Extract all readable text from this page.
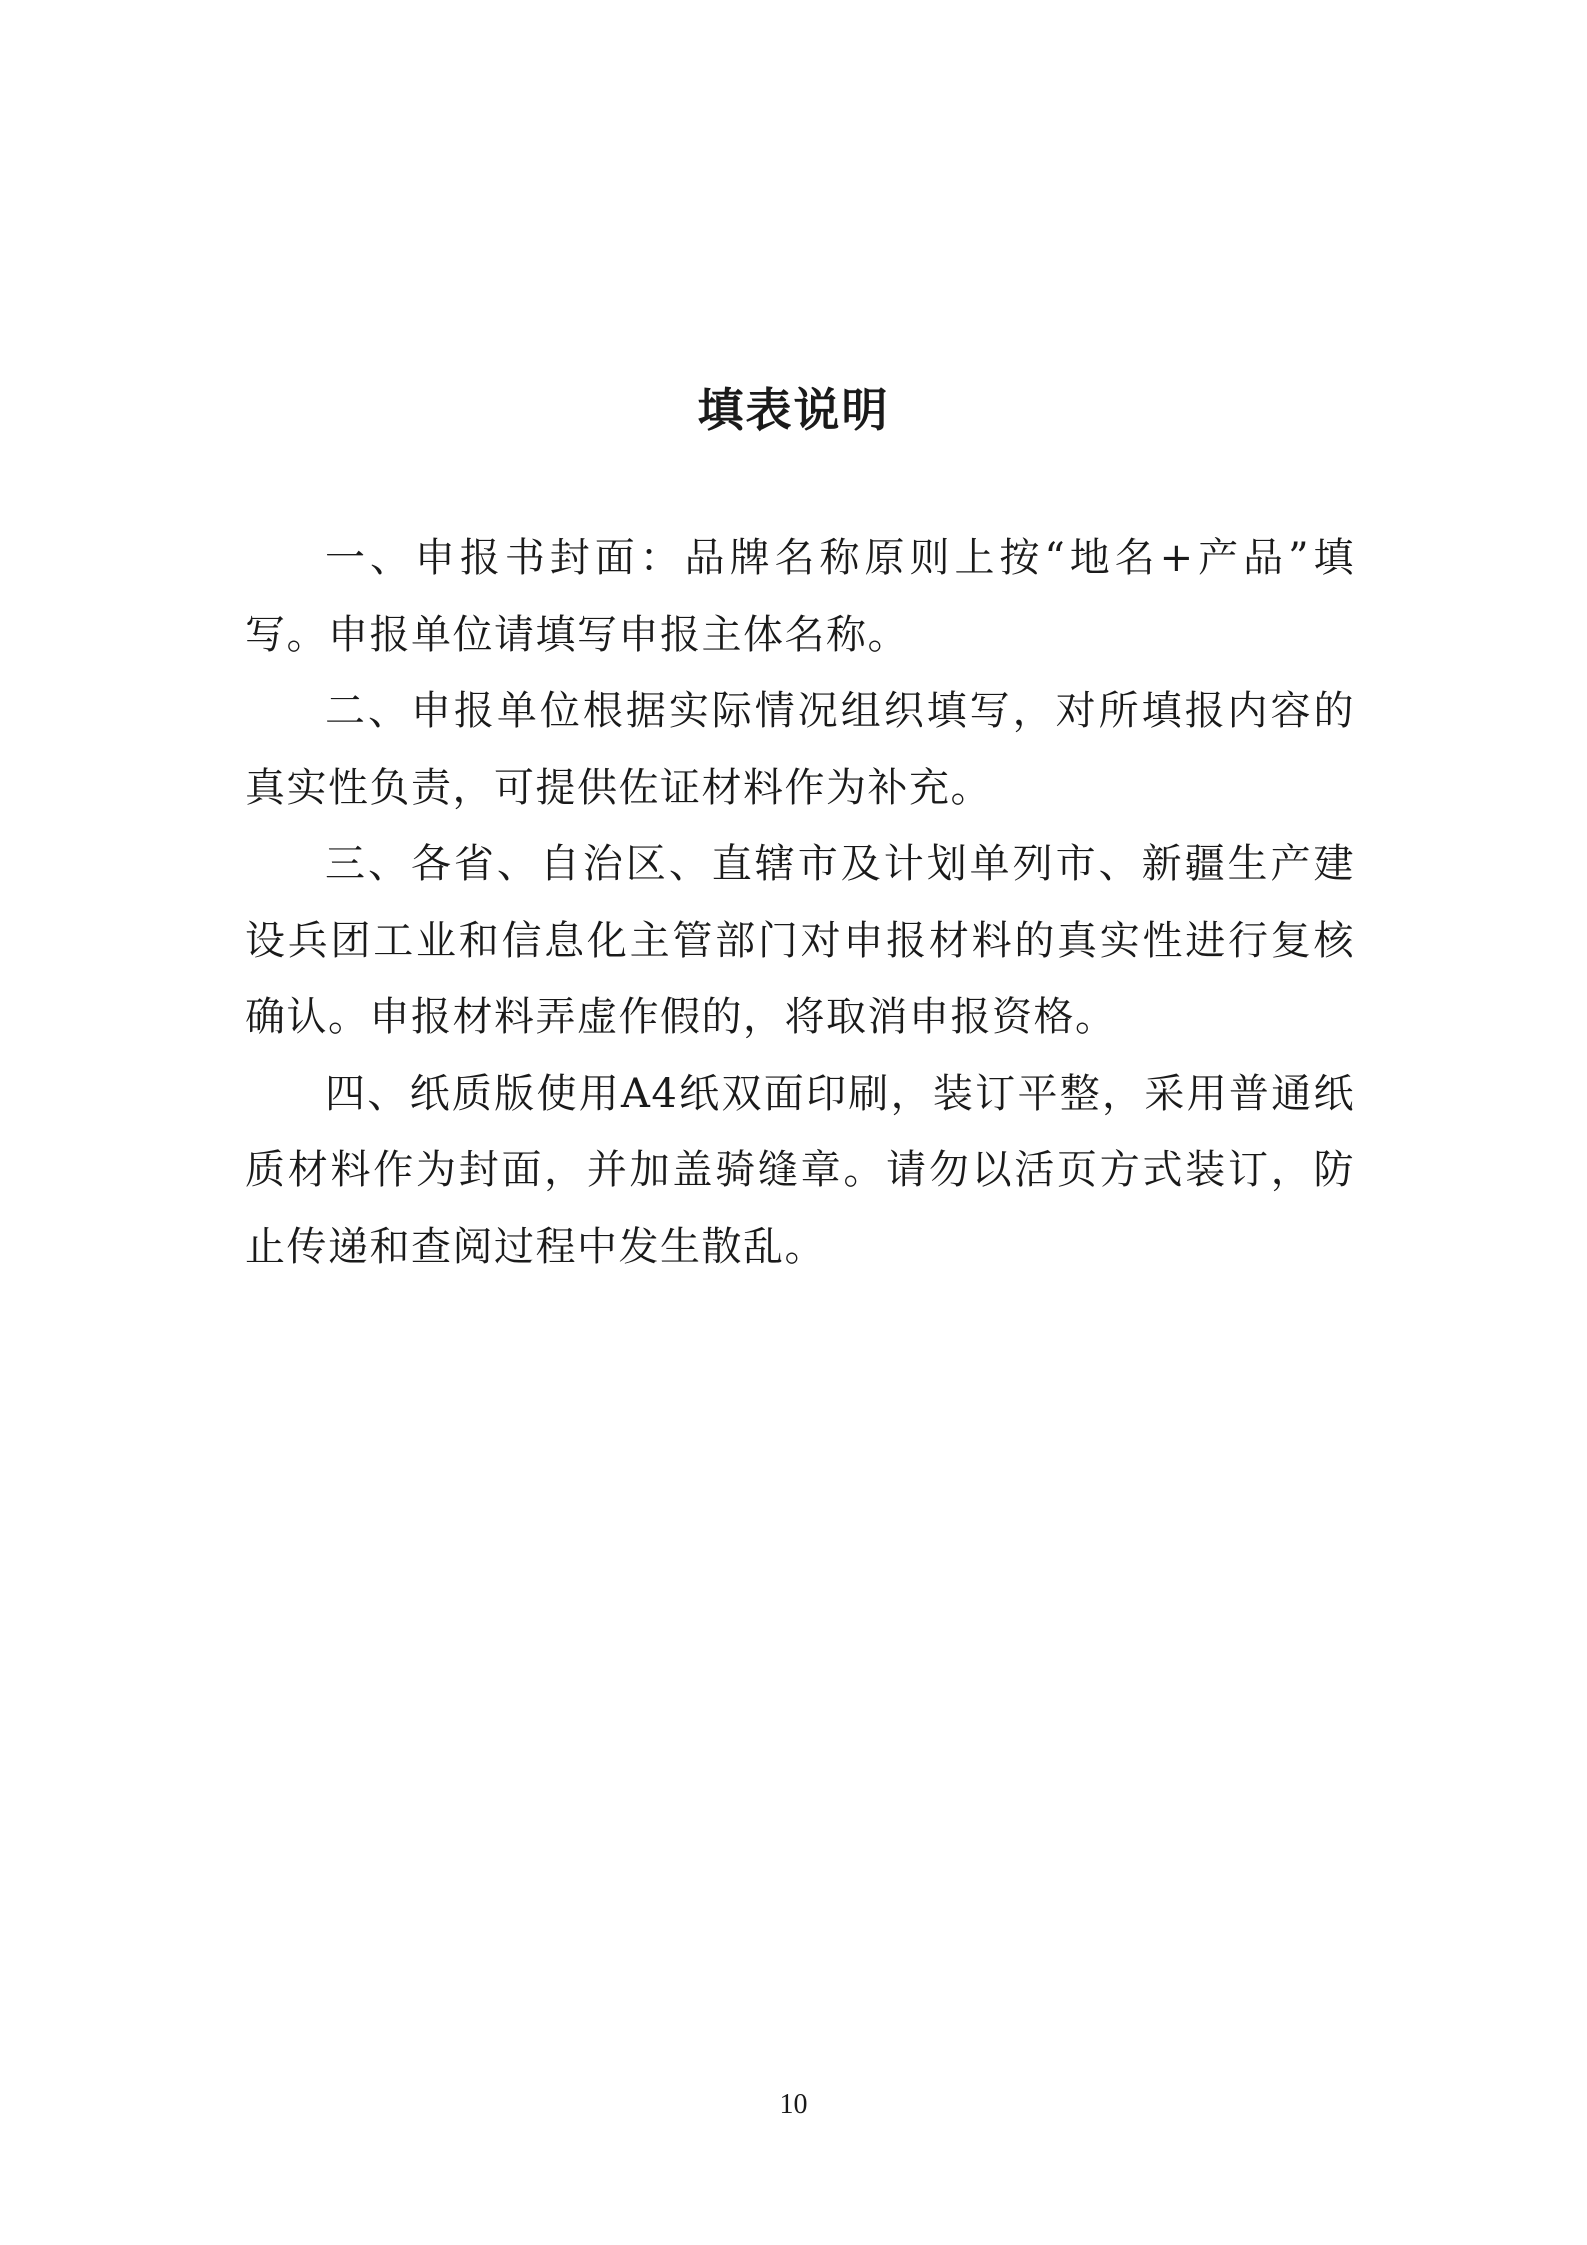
填表说明

一、申报书封面：品牌名称原则上按“地名+产品”填写。申报单位请填写申报主体名称。

二、申报单位根据实际情况组织填写，对所填报内容的真实性负责，可提供佐证材料作为补充。

三、各省、自治区、直辖市及计划单列市、新疆生产建设兵团工业和信息化主管部门对申报材料的真实性进行复核确认。申报材料弄虚作假的，将取消申报资格。

四、纸质版使用A4纸双面印刷，装订平整，采用普通纸质材料作为封面，并加盖骑缝章。请勿以活页方式装订，防止传递和查阅过程中发生散乱。

10
